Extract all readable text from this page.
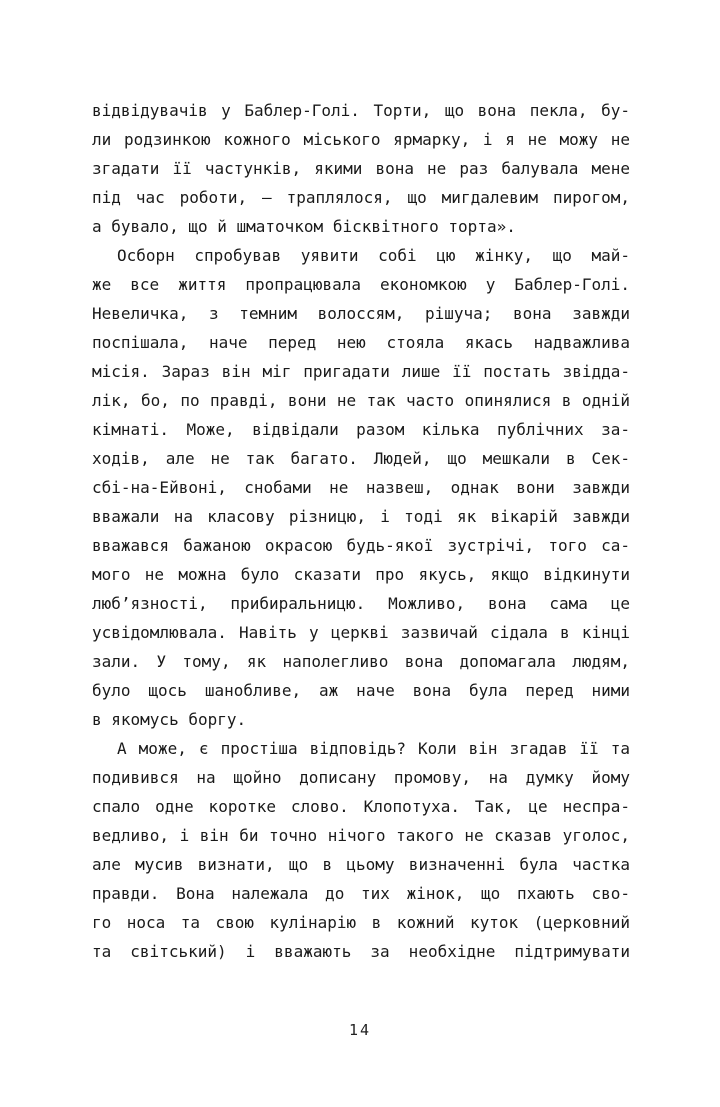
відвідувачів у Баблер-Голі. Торти, що вона пекла, бу-
ли родзинкою кожного міського ярмарку, і я не можу не
згадати її частунків, якими вона не раз балувала мене
під час роботи, — траплялося, що мигдалевим пирогом,
а бувало, що й шматочком бісквітного торта».
Осборн спробував уявити собі цю жінку, що май-
же все життя пропрацювала економкою у Баблер-Голі.
Невеличка, з темним волоссям, рішуча; вона завжди
поспішала, наче перед нею стояла якась надважлива
місія. Зараз він міг пригадати лише її постать звідда-
лік, бо, по правді, вони не так часто опинялися в одній
кімнаті. Може, відвідали разом кілька публічних за-
ходів, але не так багато. Людей, що мешкали в Сек-
сбі-на-Ейвоні, снобами не назвеш, однак вони завжди
вважали на класову різницю, і тоді як вікарій завжди
вважався бажаною окрасою будь-якої зустрічі, того са-
мого не можна було сказати про якусь, якщо відкинути
люб’язності, прибиральницю. Можливо, вона сама це
усвідомлювала. Навіть у церкві зазвичай сідала в кінці
зали. У тому, як наполегливо вона допомагала людям,
було щось шанобливе, аж наче вона була перед ними
в якомусь боргу.
А може, є простіша відповідь? Коли він згадав її та
подивився на щойно дописану промову, на думку йому
спало одне коротке слово. Клопотуха. Так, це неспра-
ведливо, і він би точно нічого такого не сказав уголос,
але мусив визнати, що в цьому визначенні була частка
правди. Вона належала до тих жінок, що пхають сво-
го носа та свою кулінарію в кожний куток (церковний
та світський) і вважають за необхідне підтримувати
14
